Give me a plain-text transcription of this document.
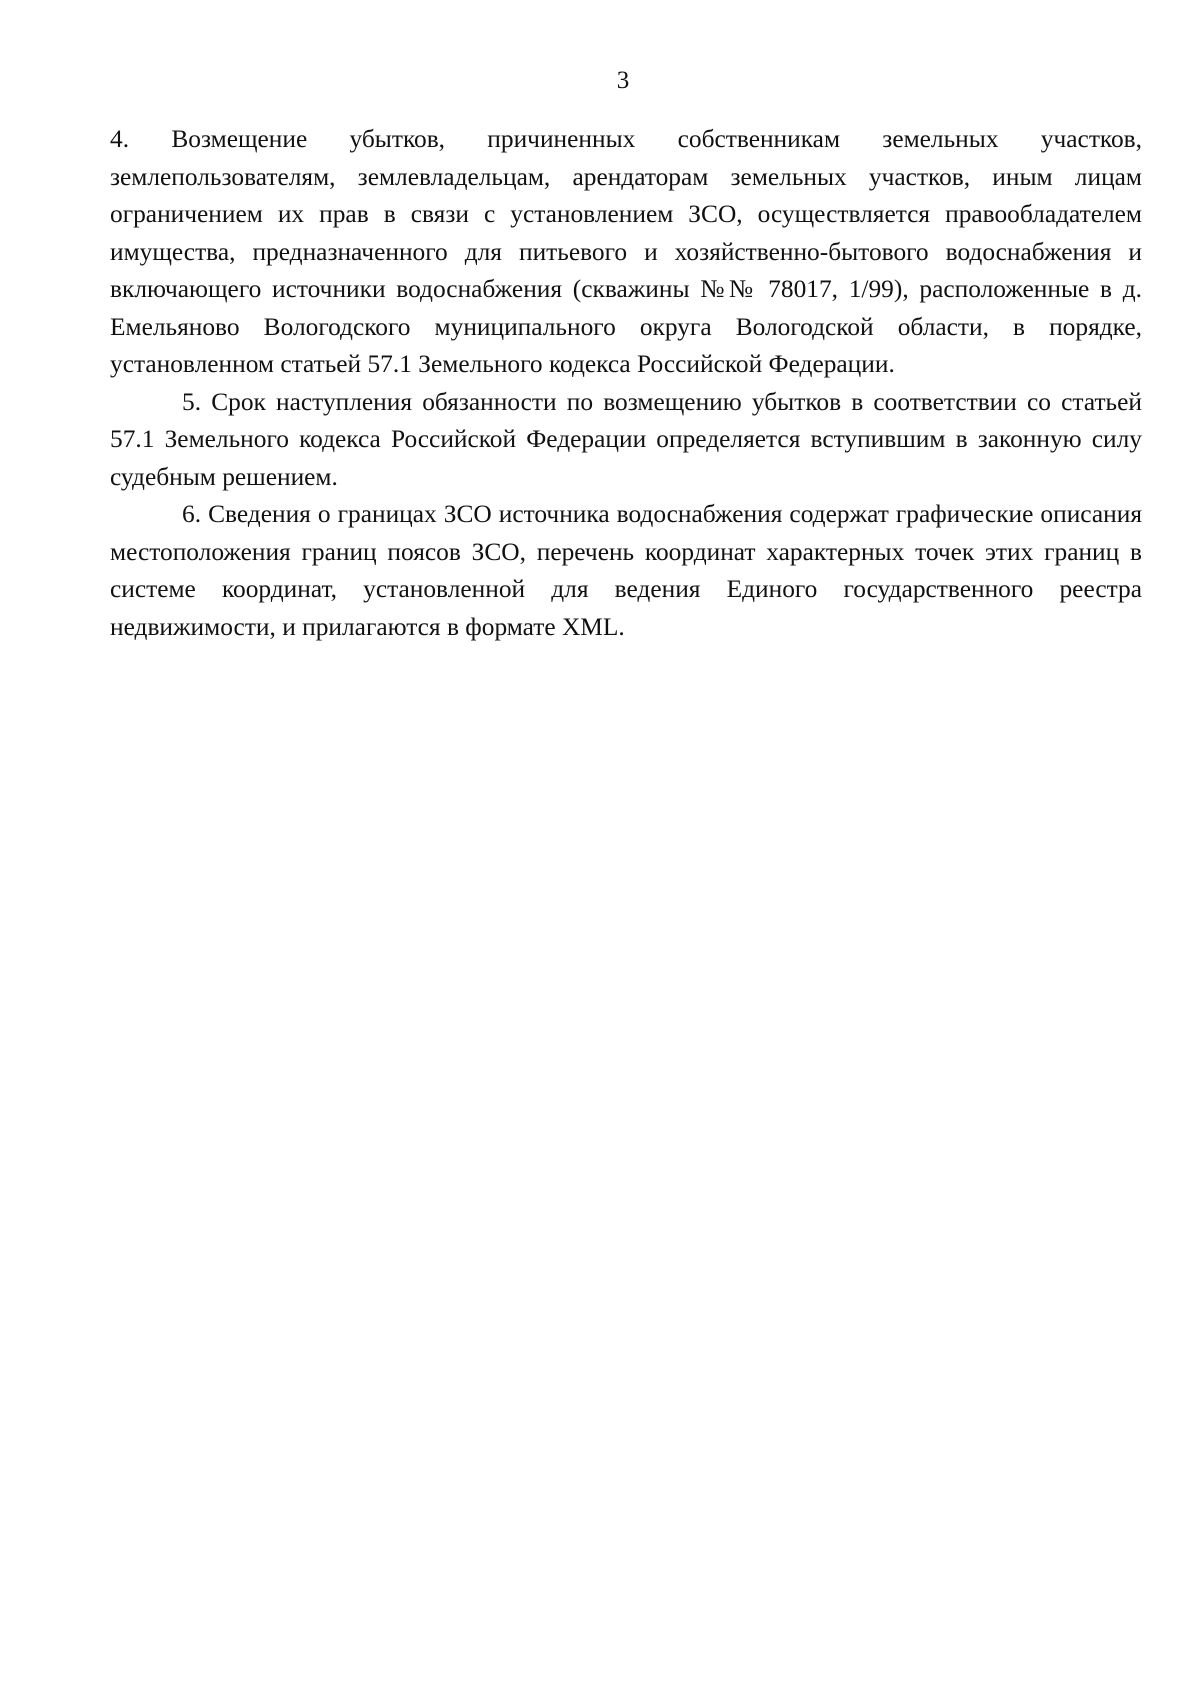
3

4. Возмещение убытков, причиненных собственникам земельных участков, землепользователям, землевладельцам, арендаторам земельных участков, иным лицам ограничением их прав в связи с установлением ЗСО, осуществляется правообладателем имущества, предназначенного для питьевого и хозяйственно-бытового водоснабжения и включающего источники водоснабжения (скважины №№ 78017, 1/99), расположенные в д. Емельяново Вологодского муниципального округа Вологодской области, в порядке, установленном статьей 57.1 Земельного кодекса Российской Федерации.

5. Срок наступления обязанности по возмещению убытков в соответствии со статьей 57.1 Земельного кодекса Российской Федерации определяется вступившим в законную силу судебным решением.

6. Сведения о границах ЗСО источника водоснабжения содержат графические описания местоположения границ поясов ЗСО, перечень координат характерных точек этих границ в системе координат, установленной для ведения Единого государственного реестра недвижимости, и прилагаются в формате XML.
